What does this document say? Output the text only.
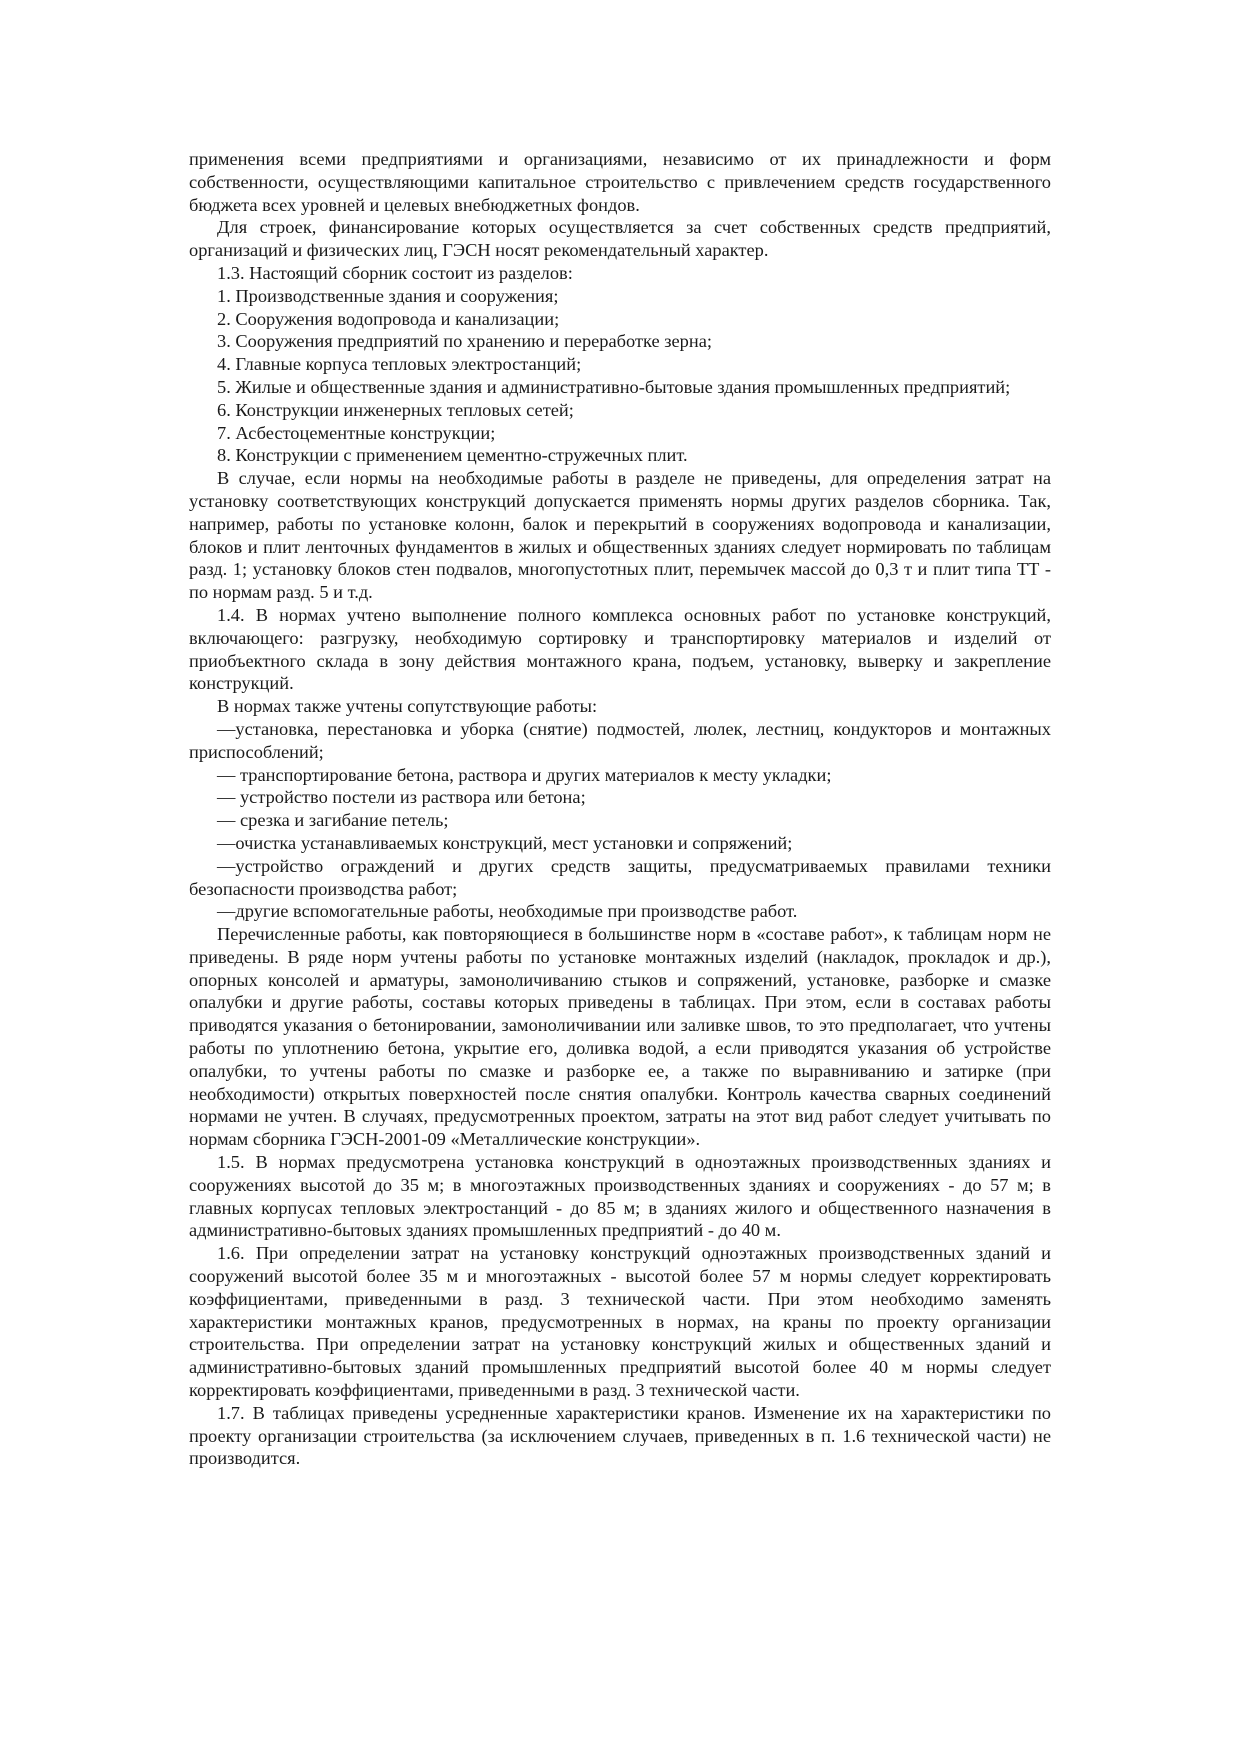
применения всеми предприятиями и организациями, независимо от их принадлежности и форм собственности, осуществляющими капитальное строительство с привлечением средств государственного бюджета всех уровней и целевых внебюджетных фондов.

Для строек, финансирование которых осуществляется за счет собственных средств предприятий, организаций и физических лиц, ГЭСН носят рекомендательный характер.

1.3. Настоящий сборник состоит из разделов:

1. Производственные здания и сооружения;

2. Сооружения водопровода и канализации;

3. Сооружения предприятий по хранению и переработке зерна;

4. Главные корпуса тепловых электростанций;

5. Жилые и общественные здания и административно-бытовые здания промышленных предприятий;

6. Конструкции инженерных тепловых сетей;

7. Асбестоцементные конструкции;

8. Конструкции с применением цементно-стружечных плит.

В случае, если нормы на необходимые работы в разделе не приведены, для определения затрат на установку соответствующих конструкций допускается применять нормы других разделов сборника. Так, например, работы по установке колонн, балок и перекрытий в сооружениях водопровода и канализации, блоков и плит ленточных фундаментов в жилых и общественных зданиях следует нормировать по таблицам разд. 1; установку блоков стен подвалов, многопустотных плит, перемычек массой до 0,3 т и плит типа ТТ - по нормам разд. 5 и т.д.

1.4. В нормах учтено выполнение полного комплекса основных работ по установке конструкций, включающего: разгрузку, необходимую сортировку и транспортировку материалов и изделий от приобъектного склада в зону действия монтажного крана, подъем, установку, выверку и закрепление конструкций.

В нормах также учтены сопутствующие работы:

—установка, перестановка и уборка (снятие) подмостей, люлек, лестниц, кондукторов и монтажных приспособлений;

— транспортирование бетона, раствора и других материалов к месту укладки;

— устройство постели из раствора или бетона;

— срезка и загибание петель;

—очистка устанавливаемых конструкций, мест установки и сопряжений;

—устройство ограждений и других средств защиты, предусматриваемых правилами техники безопасности производства работ;

—другие вспомогательные работы, необходимые при производстве работ.

Перечисленные работы, как повторяющиеся в большинстве норм в «составе работ», к таблицам норм не приведены. В ряде норм учтены работы по установке монтажных изделий (накладок, прокладок и др.), опорных консолей и арматуры, замоноличиванию стыков и сопряжений, установке, разборке и смазке опалубки и другие работы, составы которых приведены в таблицах. При этом, если в составах работы приводятся указания о бетонировании, замоноличивании или заливке швов, то это предполагает, что учтены работы по уплотнению бетона, укрытие его, доливка водой, а если приводятся указания об устройстве опалубки, то учтены работы по смазке и разборке ее, а также по выравниванию и затирке (при необходимости) открытых поверхностей после снятия опалубки. Контроль качества сварных соединений нормами не учтен. В случаях, предусмотренных проектом, затраты на этот вид работ следует учитывать по нормам сборника ГЭСН-2001-09 «Металлические конструкции».

1.5. В нормах предусмотрена установка конструкций в одноэтажных производственных зданиях и сооружениях высотой до 35 м; в многоэтажных производственных зданиях и сооружениях - до 57 м; в главных корпусах тепловых электростанций - до 85 м; в зданиях жилого и общественного назначения в административно-бытовых зданиях промышленных предприятий - до 40 м.

1.6. При определении затрат на установку конструкций одноэтажных производственных зданий и сооружений высотой более 35 м и многоэтажных - высотой более 57 м нормы следует корректировать коэффициентами, приведенными в разд. 3 технической части. При этом необходимо заменять характеристики монтажных кранов, предусмотренных в нормах, на краны по проекту организации строительства. При определении затрат на установку конструкций жилых и общественных зданий и административно-бытовых зданий промышленных предприятий высотой более 40 м нормы следует корректировать коэффициентами, приведенными в разд. 3 технической части.

1.7. В таблицах приведены усредненные характеристики кранов. Изменение их на характеристики по проекту организации строительства (за исключением случаев, приведенных в п. 1.6 технической части) не производится.
